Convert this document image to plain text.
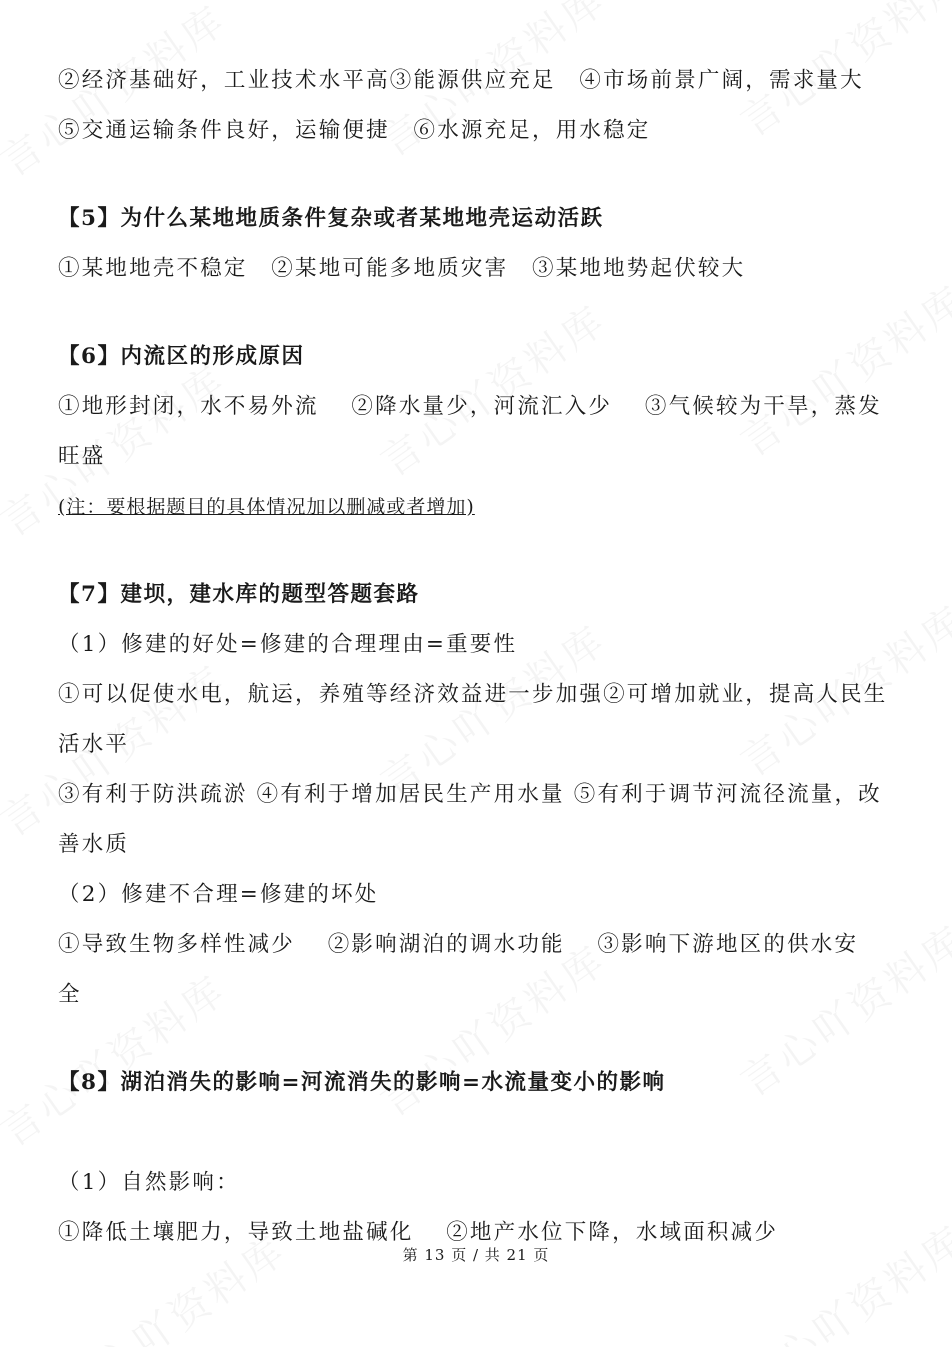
②经济基础好，工业技术水平高③能源供应充足　④市场前景广阔，需求量大
⑤交通运输条件良好，运输便捷　⑥水源充足，用水稳定
【5】为什么某地地质条件复杂或者某地地壳运动活跃
①某地地壳不稳定　②某地可能多地质灾害　③某地地势起伏较大
【6】内流区的形成原因
①地形封闭，水不易外流　 ②降水量少，河流汇入少　 ③气候较为干旱，蒸发
旺盛
(注：要根据题目的具体情况加以删减或者增加)
【7】建坝，建水库的题型答题套路
（1）修建的好处=修建的合理理由=重要性
①可以促使水电，航运，养殖等经济效益进一步加强②可增加就业，提高人民生
活水平
③有利于防洪疏淤 ④有利于增加居民生产用水量 ⑤有利于调节河流径流量，改
善水质
（2）修建不合理=修建的坏处
①导致生物多样性减少　 ②影响湖泊的调水功能　 ③影响下游地区的供水安
全
【8】湖泊消失的影响=河流消失的影响=水流量变小的影响
（1）自然影响：
①降低土壤肥力，导致土地盐碱化　 ②地产水位下降，水域面积减少
第 13 页 / 共 21 页
